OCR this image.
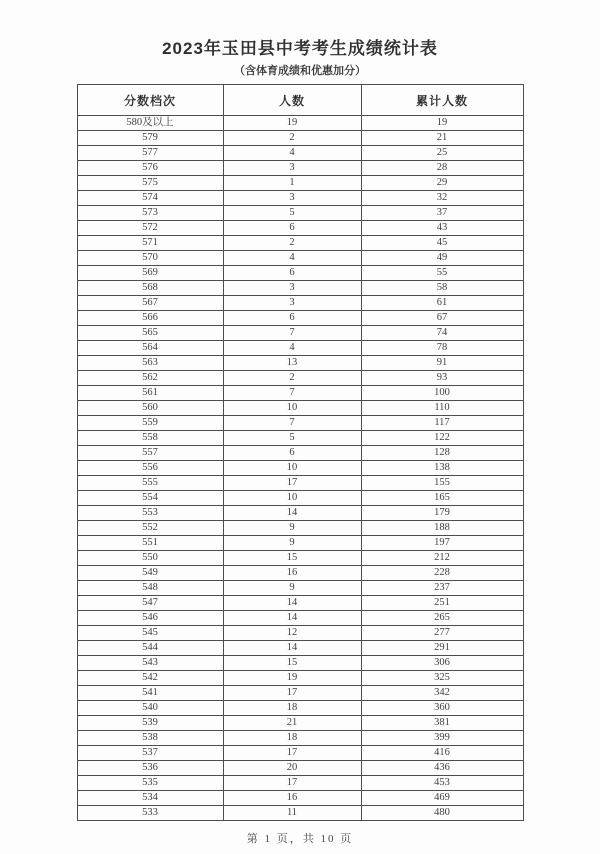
2023年玉田县中考考生成绩统计表
（含体育成绩和优惠加分）
分数档次	人数	累计人数
580及以上	19	19
579	2	21
577	4	25
576	3	28
575	1	29
574	3	32
573	5	37
572	6	43
571	2	45
570	4	49
569	6	55
568	3	58
567	3	61
566	6	67
565	7	74
564	4	78
563	13	91
562	2	93
561	7	100
560	10	110
559	7	117
558	5	122
557	6	128
556	10	138
555	17	155
554	10	165
553	14	179
552	9	188
551	9	197
550	15	212
549	16	228
548	9	237
547	14	251
546	14	265
545	12	277
544	14	291
543	15	306
542	19	325
541	17	342
540	18	360
539	21	381
538	18	399
537	17	416
536	20	436
535	17	453
534	16	469
533	11	480
第 1 页，共 10 页
